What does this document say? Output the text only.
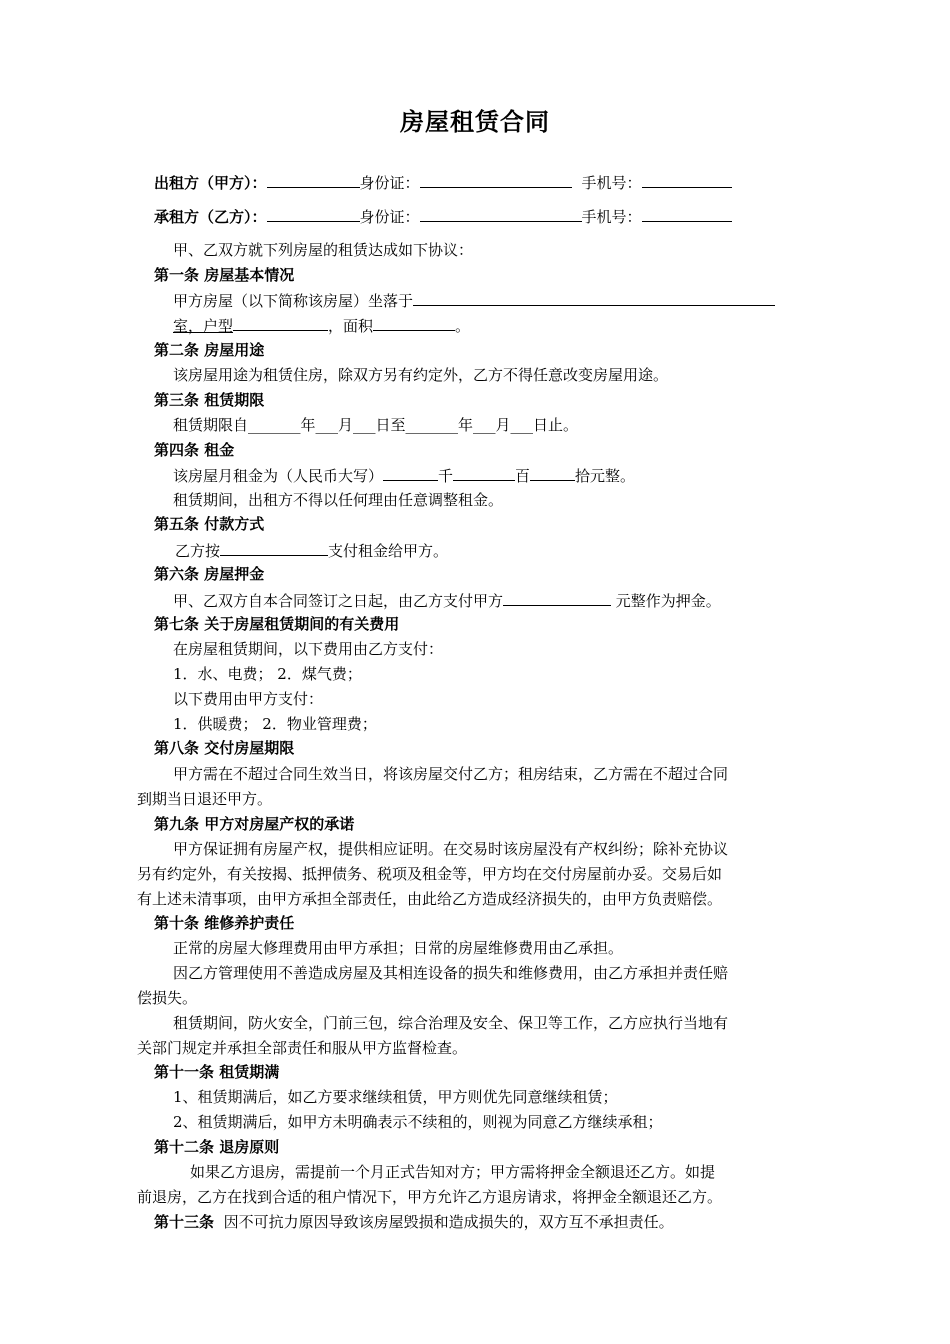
房屋租赁合同
出租方（甲方）：	身份证：	手机号：
承租方（乙方）：	身份证：	手机号：
甲、乙双方就下列房屋的租赁达成如下协议：
第一条 房屋基本情况
甲方房屋（以下简称该房屋）坐落于
室，户型	，面积	。
第二条 房屋用途
该房屋用途为租赁住房，除双方另有约定外，乙方不得任意改变房屋用途。
第三条 租赁期限
租赁期限自_______年___月___日至_______年___月___日止。
第四条 租金
该房屋月租金为（人民币大写）	千	百	拾元整。
租赁期间，出租方不得以任何理由任意调整租金。
第五条 付款方式
乙方按	支付租金给甲方。
第六条 房屋押金
甲、乙双方自本合同签订之日起，由乙方支付甲方	元整作为押金。
第七条 关于房屋租赁期间的有关费用
在房屋租赁期间，以下费用由乙方支付：
1．水、电费； 2．煤气费；
以下费用由甲方支付：
1．供暖费； 2．物业管理费；
第八条 交付房屋期限
甲方需在不超过合同生效当日，将该房屋交付乙方；租房结束，乙方需在不超过合同
到期当日退还甲方。
第九条 甲方对房屋产权的承诺
甲方保证拥有房屋产权，提供相应证明。在交易时该房屋没有产权纠纷；除补充协议
另有约定外，有关按揭、抵押债务、税项及租金等，甲方均在交付房屋前办妥。交易后如
有上述未清事项，由甲方承担全部责任，由此给乙方造成经济损失的，由甲方负责赔偿。
第十条 维修养护责任
正常的房屋大修理费用由甲方承担；日常的房屋维修费用由乙承担。
因乙方管理使用不善造成房屋及其相连设备的损失和维修费用，由乙方承担并责任赔
偿损失。
租赁期间，防火安全，门前三包，综合治理及安全、保卫等工作，乙方应执行当地有
关部门规定并承担全部责任和服从甲方监督检查。
第十一条 租赁期满
1、租赁期满后，如乙方要求继续租赁，甲方则优先同意继续租赁；
2、租赁期满后，如甲方未明确表示不续租的，则视为同意乙方继续承租；
第十二条 退房原则
如果乙方退房，需提前一个月正式告知对方；甲方需将押金全额退还乙方。如提
前退房，乙方在找到合适的租户情况下，甲方允许乙方退房请求，将押金全额退还乙方。
第十三条 因不可抗力原因导致该房屋毁损和造成损失的，双方互不承担责任。
